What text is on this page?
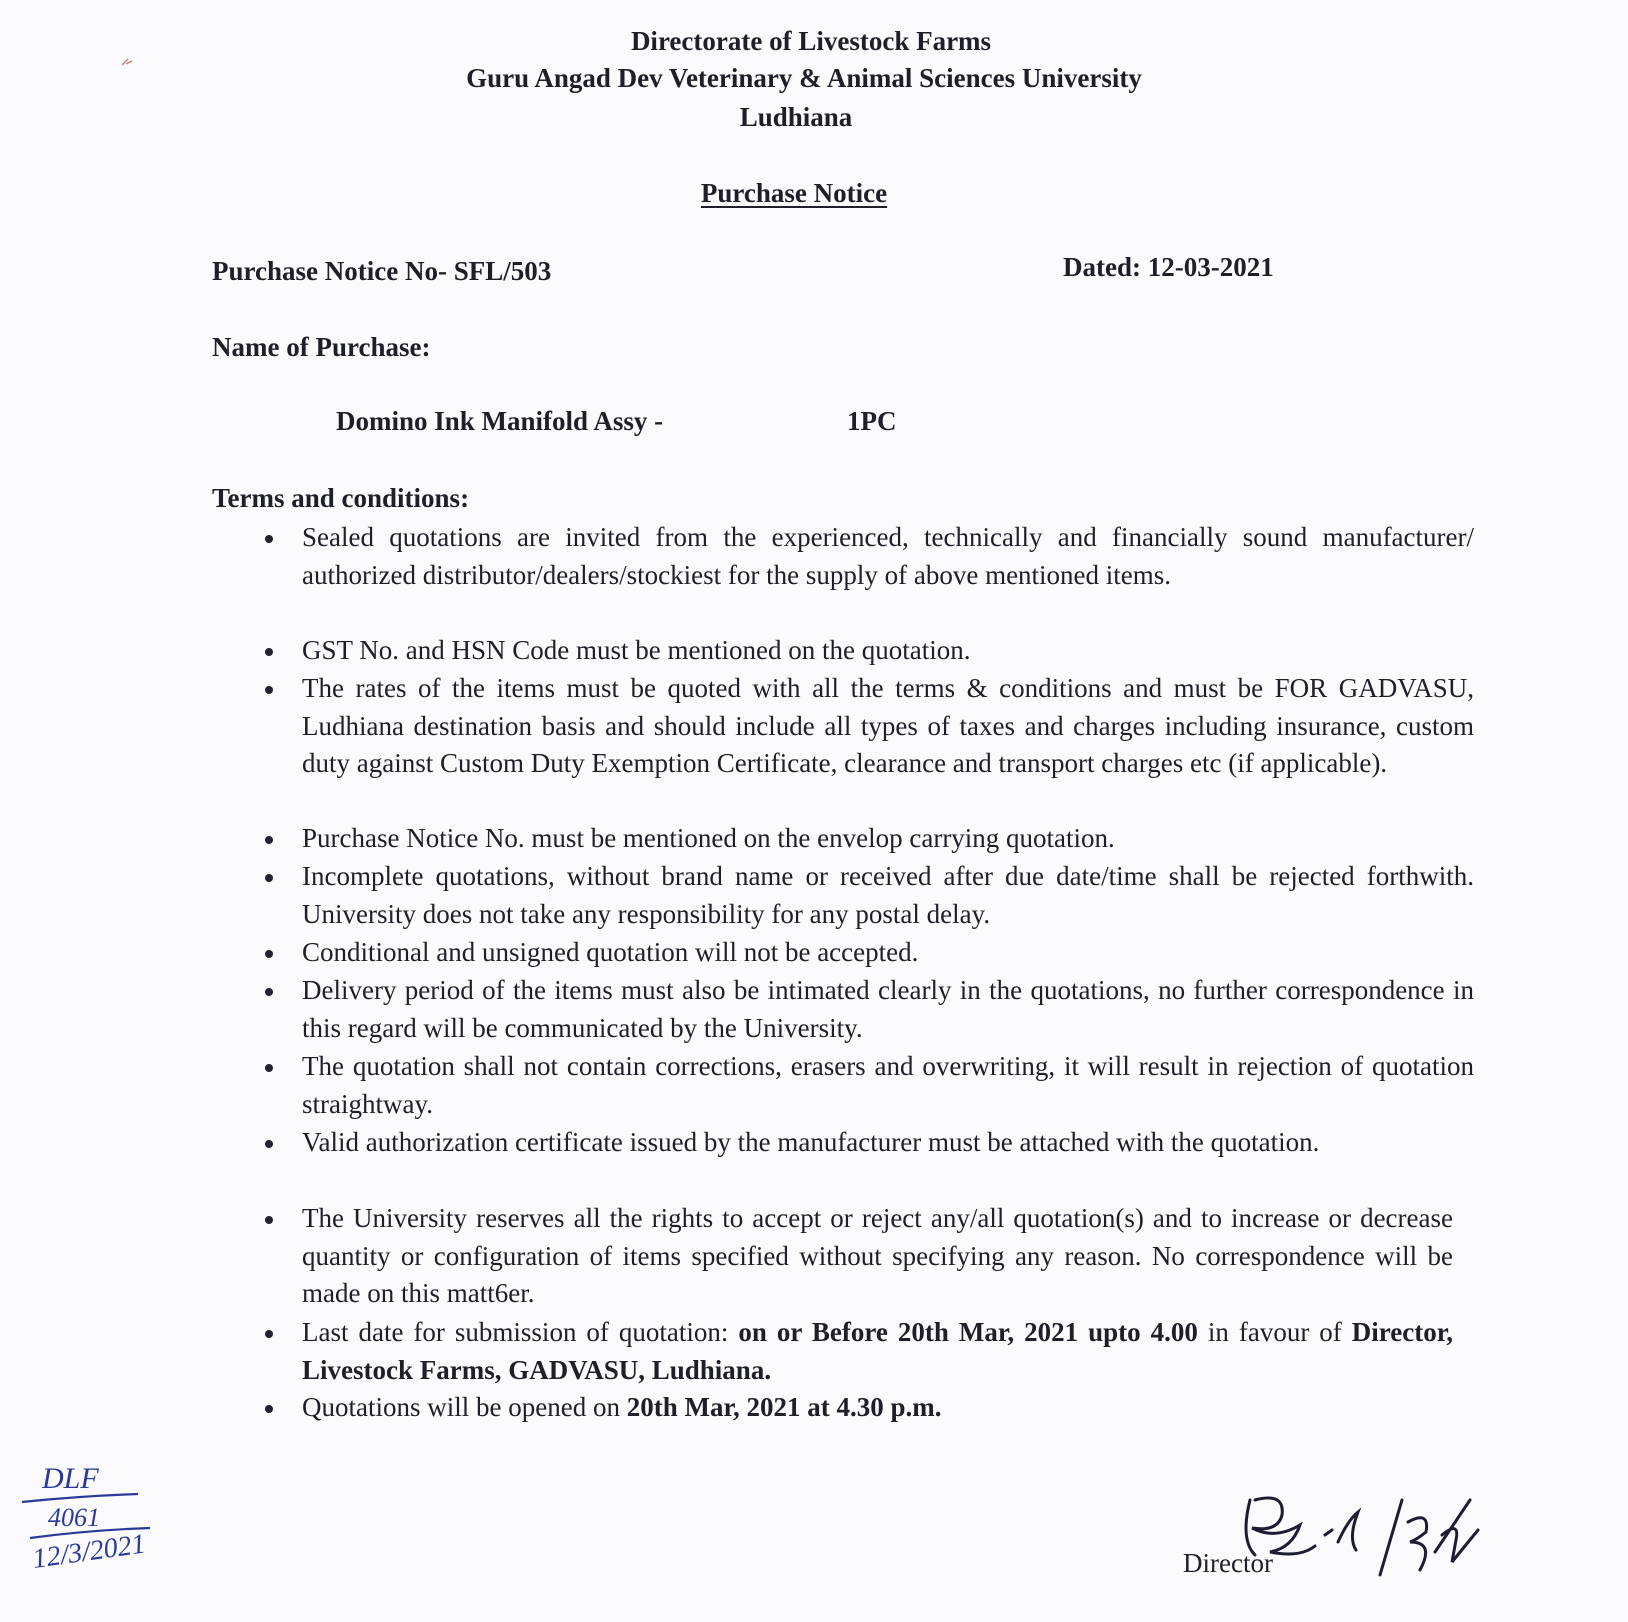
Directorate of Livestock Farms
Guru Angad Dev Veterinary & Animal Sciences University
Ludhiana
Purchase Notice
Purchase Notice No- SFL/503	Dated: 12-03-2021
Name of Purchase:
Domino Ink Manifold Assy -	1PC
Terms and conditions:
Sealed quotations are invited from the experienced, technically and financially sound manufacturer/ authorized distributor/dealers/stockiest for the supply of above mentioned items.
GST No. and HSN Code must be mentioned on the quotation.
The rates of the items must be quoted with all the terms & conditions and must be FOR GADVASU, Ludhiana destination basis and should include all types of taxes and charges including insurance, custom duty against Custom Duty Exemption Certificate, clearance and transport charges etc (if applicable).
Purchase Notice No. must be mentioned on the envelop carrying quotation.
Incomplete quotations, without brand name or received after due date/time shall be rejected forthwith. University does not take any responsibility for any postal delay.
Conditional and unsigned quotation will not be accepted.
Delivery period of the items must also be intimated clearly in the quotations, no further correspondence in this regard will be communicated by the University.
The quotation shall not contain corrections, erasers and overwriting, it will result in rejection of quotation straightway.
Valid authorization certificate issued by the manufacturer must be attached with the quotation.
The University reserves all the rights to accept or reject any/all quotation(s) and to increase or decrease quantity or configuration of items specified without specifying any reason. No correspondence will be made on this matt6er.
Last date for submission of quotation: on or Before 20th Mar, 2021 upto 4.00 in favour of Director, Livestock Farms, GADVASU, Ludhiana.
Quotations will be opened on 20th Mar, 2021 at 4.30 p.m.
DLF
4061
12/3/2021
12/3/21
Director
